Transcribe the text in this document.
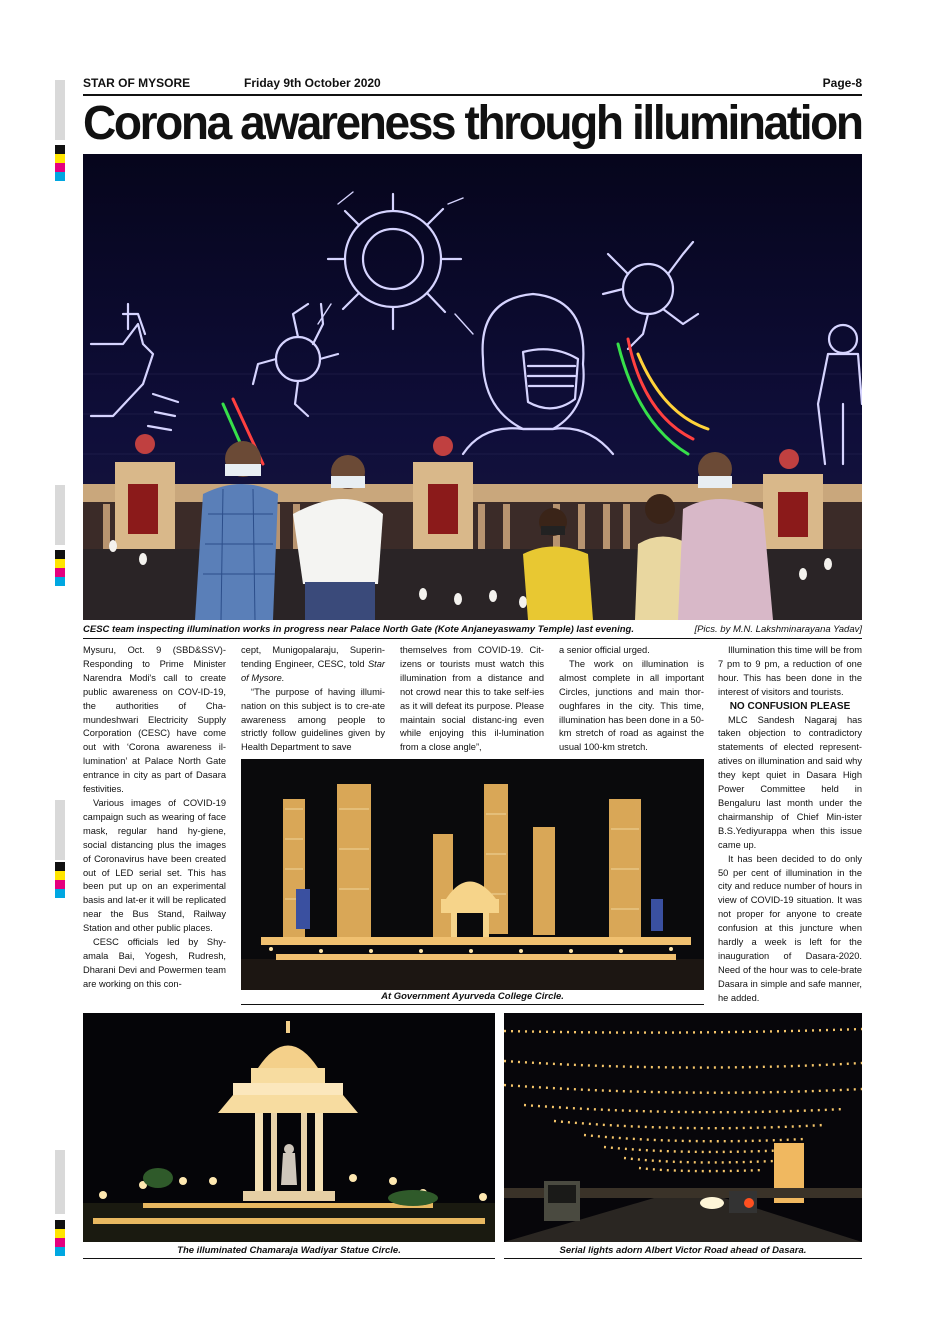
STAR OF MYSORE	Friday 9th October 2020	Page-8
Corona awareness through illumination
CESC team inspecting illumination works in progress near Palace North Gate (Kote Anjaneyaswamy Temple) last evening.	[Pics. by M.N. Lakshminarayana Yadav]

Mysuru, Oct. 9 (SBD&SSV)- Responding to Prime Minister Narendra Modi's call to create public awareness on COV-ID-19, the authorities of Cha-mundeshwari Electricity Supply Corporation (CESC) have come out with ‘Corona awareness il-lumination’ at Palace North Gate entrance in city as part of Dasara festivities.

Various images of COVID-19 campaign such as wearing of face mask, regular hand hy-giene, social distancing plus the images of Coronavirus have been created out of LED serial set. This has been put up on an experimental basis and lat-er it will be replicated near the Bus Stand, Railway Station and other public places.

CESC officials led by Shy-amala Bai, Yogesh, Rudresh, Dharani Devi and Powermen team are working on this con-

cept, Munigopalaraju, Superin-tending Engineer, CESC, told Star of Mysore.

“The purpose of having illumi-nation on this subject is to cre-ate awareness among people to strictly follow guidelines given by Health Department to save

themselves from COVID-19. Cit-izens or tourists must watch this illumination from a distance and not crowd near this to take self-ies as it will defeat its purpose. Please maintain social distanc-ing even while enjoying this il-lumination from a close angle”,

a senior official urged.

The work on illumination is almost complete in all important Circles, junctions and main thor-oughfares in the city. This time, illumination has been done in a 50-km stretch of road as against the usual 100-km stretch.

Illumination this time will be from 7 pm to 9 pm, a reduction of one hour. This has been done in the interest of visitors and tourists.

NO CONFUSION PLEASE

MLC Sandesh Nagaraj has taken objection to contradictory statements of elected represent-atives on illumination and said why they kept quiet in Dasara High Power Committee held in Bengaluru last month under the chairmanship of Chief Min-ister B.S.Yediyurappa when this issue came up.

It has been decided to do only 50 per cent of illumination in the city and reduce number of hours in view of COVID-19 situation. It was not proper for anyone to create confusion at this juncture when hardly a week is left for the inauguration of Dasara-2020. Need of the hour was to cele-brate Dasara in simple and safe manner, he added.

At Government Ayurveda College Circle.
The illuminated Chamaraja Wadiyar Statue Circle.	Serial lights adorn Albert Victor Road ahead of Dasara.
